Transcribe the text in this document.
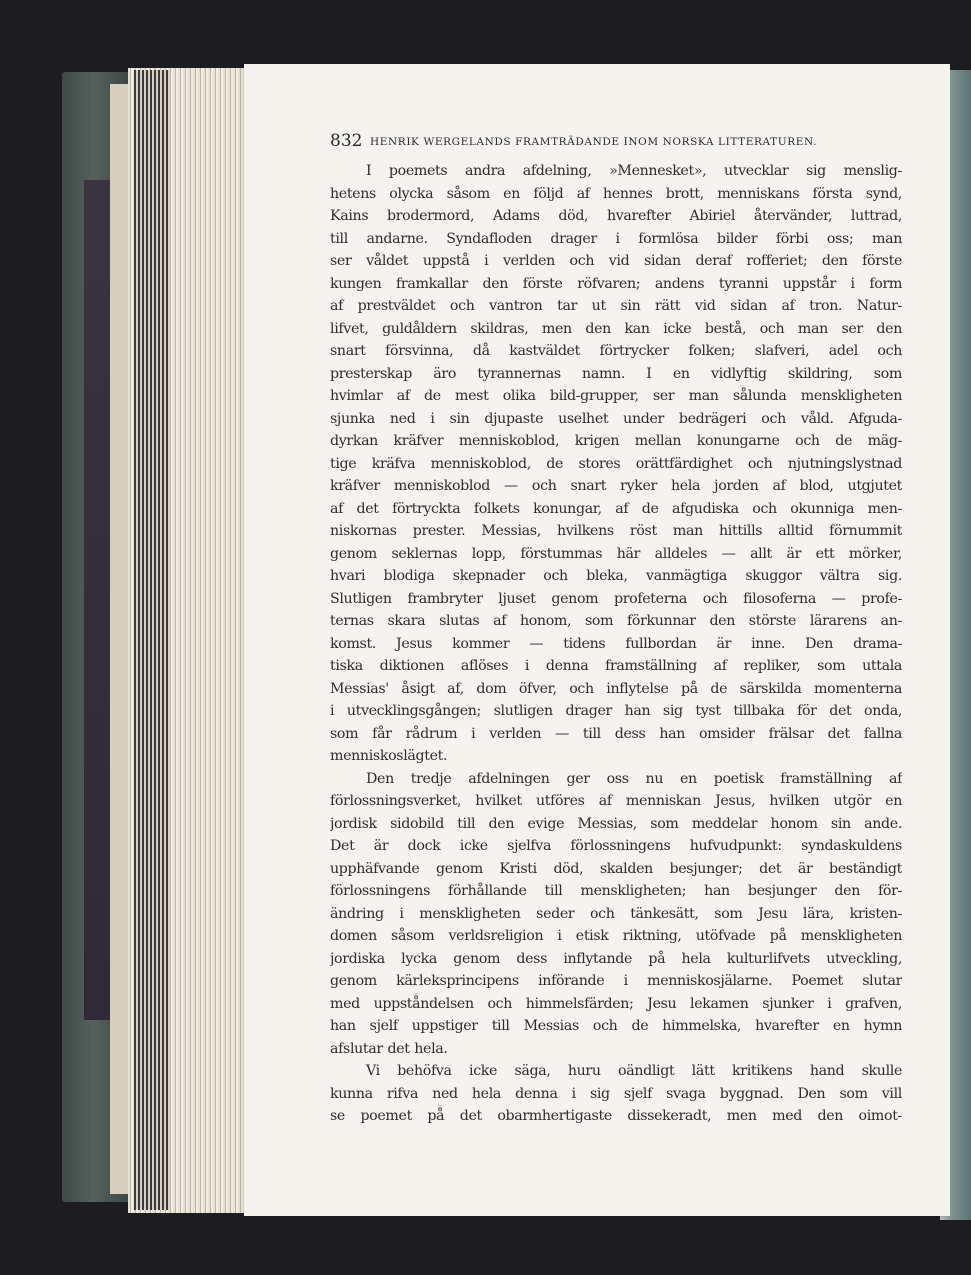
832 HENRIK WERGELANDS FRAMTRÄDANDE INOM NORSKA LITTERATUREN.
I poemets andra afdelning, »Mennesket», utvecklar sig menslig-
hetens olycka såsom en följd af hennes brott, menniskans första synd,
Kains brodermord, Adams död, hvarefter Abiriel återvänder, luttrad,
till andarne. Syndafloden drager i formlösa bilder förbi oss; man
ser våldet uppstå i verlden och vid sidan deraf rofferiet; den förste
kungen framkallar den förste röfvaren; andens tyranni uppstår i form
af prestväldet och vantron tar ut sin rätt vid sidan af tron. Natur-
lifvet, guldåldern skildras, men den kan icke bestå, och man ser den
snart försvinna, då kastväldet förtrycker folken; slafveri, adel och
presterskap äro tyrannernas namn. I en vidlyftig skildring, som
hvimlar af de mest olika bild-grupper, ser man sålunda menskligheten
sjunka ned i sin djupaste uselhet under bedrägeri och våld. Afguda-
dyrkan kräfver menniskoblod, krigen mellan konungarne och de mäg-
tige kräfva menniskoblod, de stores orättfärdighet och njutningslystnad
kräfver menniskoblod — och snart ryker hela jorden af blod, utgjutet
af det förtryckta folkets konungar, af de afgudiska och okunniga men-
niskornas prester. Messias, hvilkens röst man hittills alltid förnummit
genom seklernas lopp, förstummas här alldeles — allt är ett mörker,
hvari blodiga skepnader och bleka, vanmägtiga skuggor vältra sig.
Slutligen frambryter ljuset genom profeterna och filosoferna — profe-
ternas skara slutas af honom, som förkunnar den störste lärarens an-
komst. Jesus kommer — tidens fullbordan är inne. Den drama-
tiska diktionen aflöses i denna framställning af repliker, som uttala
Messias' åsigt af, dom öfver, och inflytelse på de särskilda momenterna
i utvecklingsgången; slutligen drager han sig tyst tillbaka för det onda,
som får rådrum i verlden — till dess han omsider frälsar det fallna
menniskoslägtet.
Den tredje afdelningen ger oss nu en poetisk framställning af
förlossningsverket, hvilket utföres af menniskan Jesus, hvilken utgör en
jordisk sidobild till den evige Messias, som meddelar honom sin ande.
Det är dock icke sjelfva förlossningens hufvudpunkt: syndaskuldens
upphäfvande genom Kristi död, skalden besjunger; det är beständigt
förlossningens förhållande till menskligheten; han besjunger den för-
ändring i menskligheten seder och tänkesätt, som Jesu lära, kristen-
domen såsom verldsreligion i etisk riktning, utöfvade på menskligheten
jordiska lycka genom dess inflytande på hela kulturlifvets utveckling,
genom kärleksprincipens införande i menniskosjälarne. Poemet slutar
med uppståndelsen och himmelsfärden; Jesu lekamen sjunker i grafven,
han sjelf uppstiger till Messias och de himmelska, hvarefter en hymn
afslutar det hela.
Vi behöfva icke säga, huru oändligt lätt kritikens hand skulle
kunna rifva ned hela denna i sig sjelf svaga byggnad. Den som vill
se poemet på det obarmhertigaste dissekeradt, men med den oimot-
